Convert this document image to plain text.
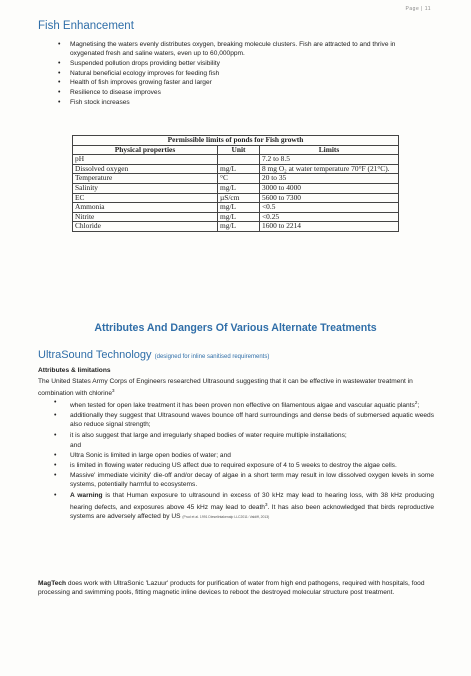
Page | 11
Fish Enhancement
• Magnetising the waters evenly distributes oxygen, breaking molecule clusters. Fish are attracted to and thrive in oxygenated fresh and saline waters, even up to 60,000ppm.
• Suspended pollution drops providing better visibility
• Natural beneficial ecology improves for feeding fish
• Health of fish improves growing faster and larger
• Resilience to disease improves
• Fish stock increases
Permissible limits of ponds for Fish growth		
Physical properties	Unit	Limits
pH		7.2 to 8.5
Dissolved oxygen	mg/L	8 mg O₂ at water temperature 70°F (21°C).
Temperature	°C	20 to 35
Salinity	mg/L	3000 to 4000
EC	µS/cm	5600 to 7300
Ammonia	mg/L	<0.5
Nitrite	mg/L	<0.25
Chloride	mg/L	1600 to 2214
Attributes And Dangers Of Various Alternate Treatments
UltraSound Technology (designed for inline sanitised requirements)
Attributes & limitations
The United States Army Corps of Engineers researched Ultrasound suggesting that it can be effective in wastewater treatment in combination with chlorine$^3$
• when tested for open lake treatment it has been proven non effective on filamentous algae and vascular aquatic plants$^2$;
• additionally they suggest that Ultrasound waves bounce off hard surroundings and dense beds of submersed aquatic weeds also reduce signal strength;
• it is also suggest that large and irregularly shaped bodies of water require multiple installations;
and
• Ultra Sonic is limited in large open bodies of water; and
• is limited in flowing water reducing US affect due to required exposure of 4 to 5 weeks to destroy the algae cells.
• Massive' immediate vicinity' die-off and/or decay of algae in a short term may result in low dissolved oxygen levels in some systems, potentially harmful to ecosystems.
• A warning is that Human exposure to ultrasound in excess of 30 kHz may lead to hearing loss, with 38 kHz producing hearing defects, and exposures above 45 kHz may lead to death$^3$. It has also been acknowledged that birds reproductive systems are adversely affected by US (Prud et al. 1991 Dieselintakenalp LLC2011: Valdiff, 2013)
MagTech does work with UltraSonic 'Lazuur' products for purification of water from high end pathogens, required with hospitals, food processing and swimming pools, fitting magnetic inline devices to reboot the destroyed molecular structure post treatment.
